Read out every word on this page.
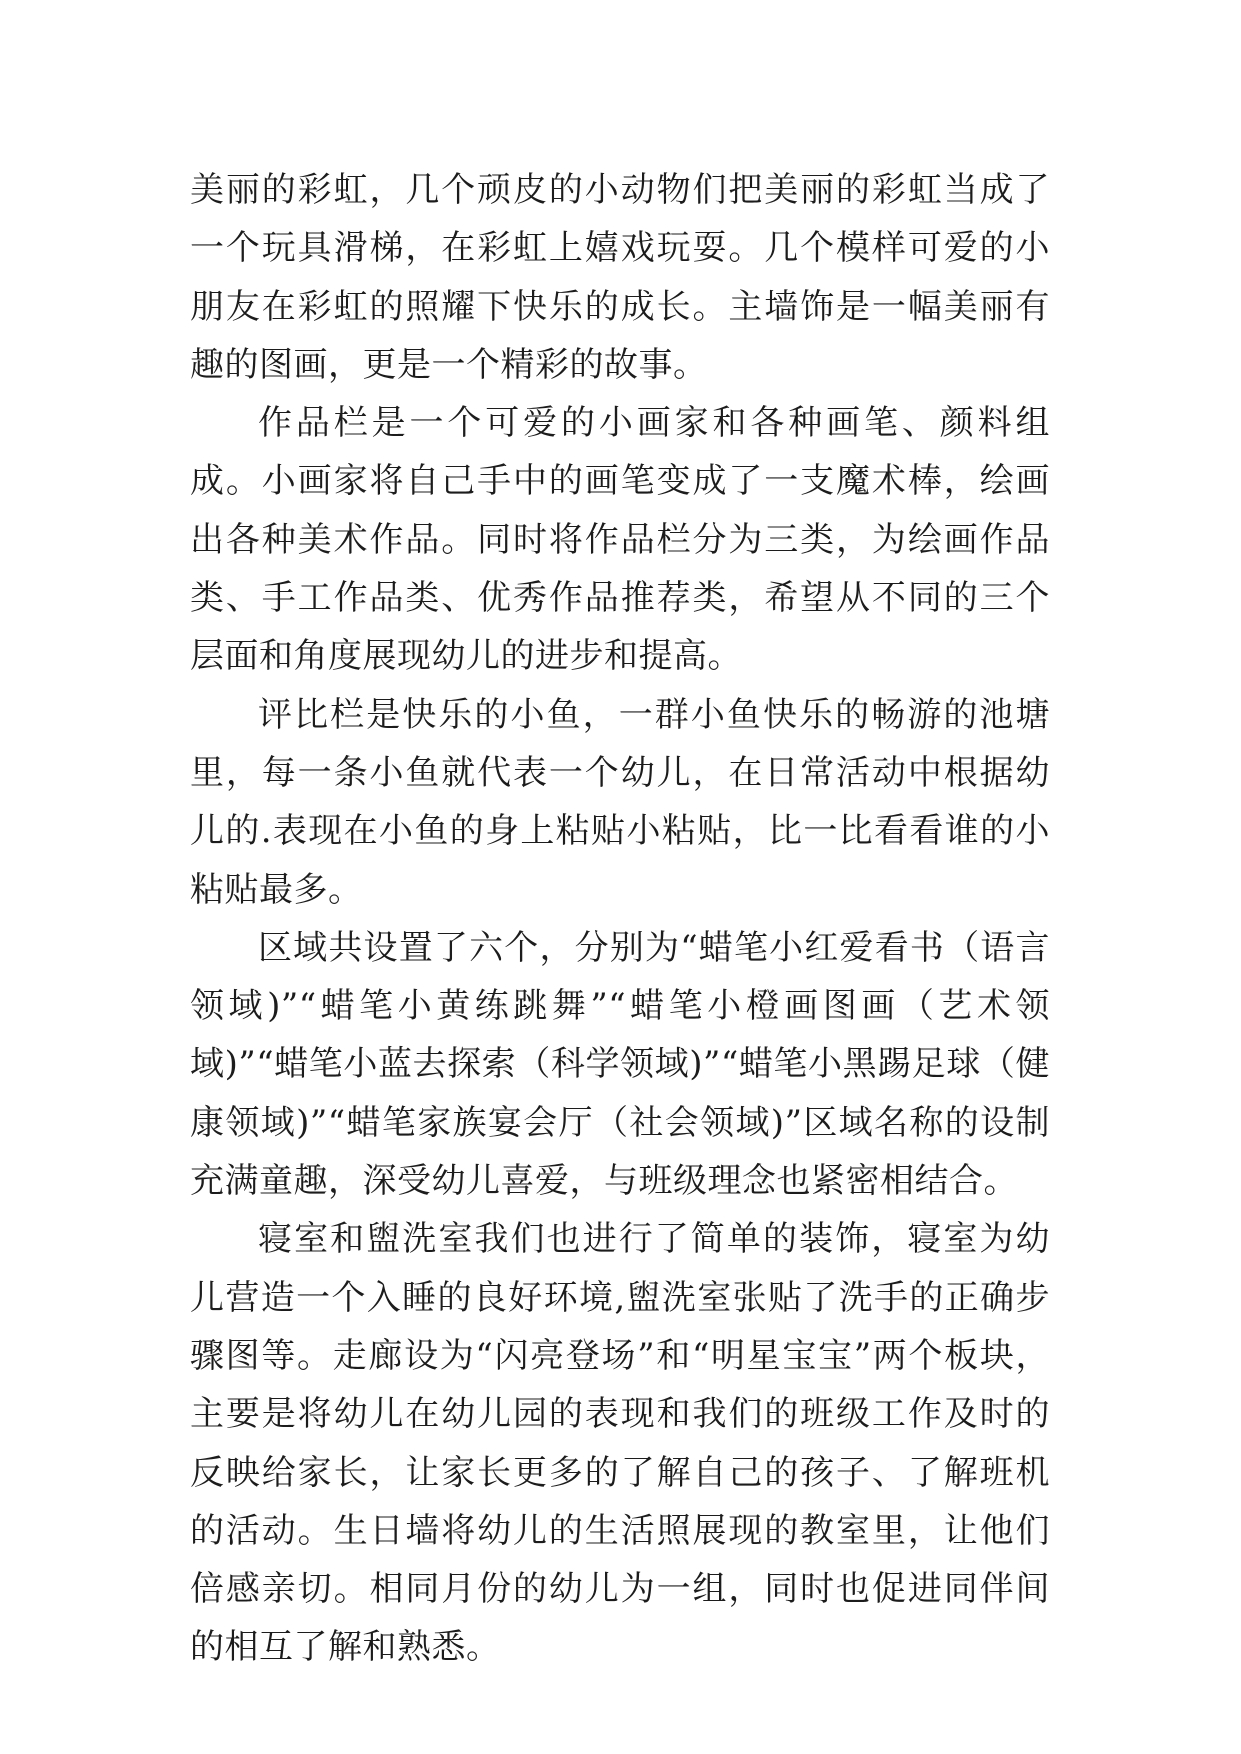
美丽的彩虹，几个顽皮的小动物们把美丽的彩虹当成了一个玩具滑梯，在彩虹上嬉戏玩耍。几个模样可爱的小朋友在彩虹的照耀下快乐的成长。主墙饰是一幅美丽有趣的图画，更是一个精彩的故事。

作品栏是一个可爱的小画家和各种画笔、颜料组成。小画家将自己手中的画笔变成了一支魔术棒，绘画出各种美术作品。同时将作品栏分为三类，为绘画作品类、手工作品类、优秀作品推荐类，希望从不同的三个层面和角度展现幼儿的进步和提高。

评比栏是快乐的小鱼，一群小鱼快乐的畅游的池塘里，每一条小鱼就代表一个幼儿，在日常活动中根据幼儿的.表现在小鱼的身上粘贴小粘贴，比一比看看谁的小粘贴最多。

区域共设置了六个，分别为“蜡笔小红爱看书（语言领域)”“蜡笔小黄练跳舞”“蜡笔小橙画图画（艺术领域)”“蜡笔小蓝去探索（科学领域)”“蜡笔小黑踢足球（健康领域)”“蜡笔家族宴会厅（社会领域)”区域名称的设制充满童趣，深受幼儿喜爱，与班级理念也紧密相结合。

寝室和盥洗室我们也进行了简单的装饰，寝室为幼儿营造一个入睡的良好环境,盥洗室张贴了洗手的正确步骤图等。走廊设为“闪亮登场”和“明星宝宝”两个板块，主要是将幼儿在幼儿园的表现和我们的班级工作及时的反映给家长，让家长更多的了解自己的孩子、了解班机的活动。生日墙将幼儿的生活照展现的教室里，让他们倍感亲切。相同月份的幼儿为一组，同时也促进同伴间的相互了解和熟悉。
